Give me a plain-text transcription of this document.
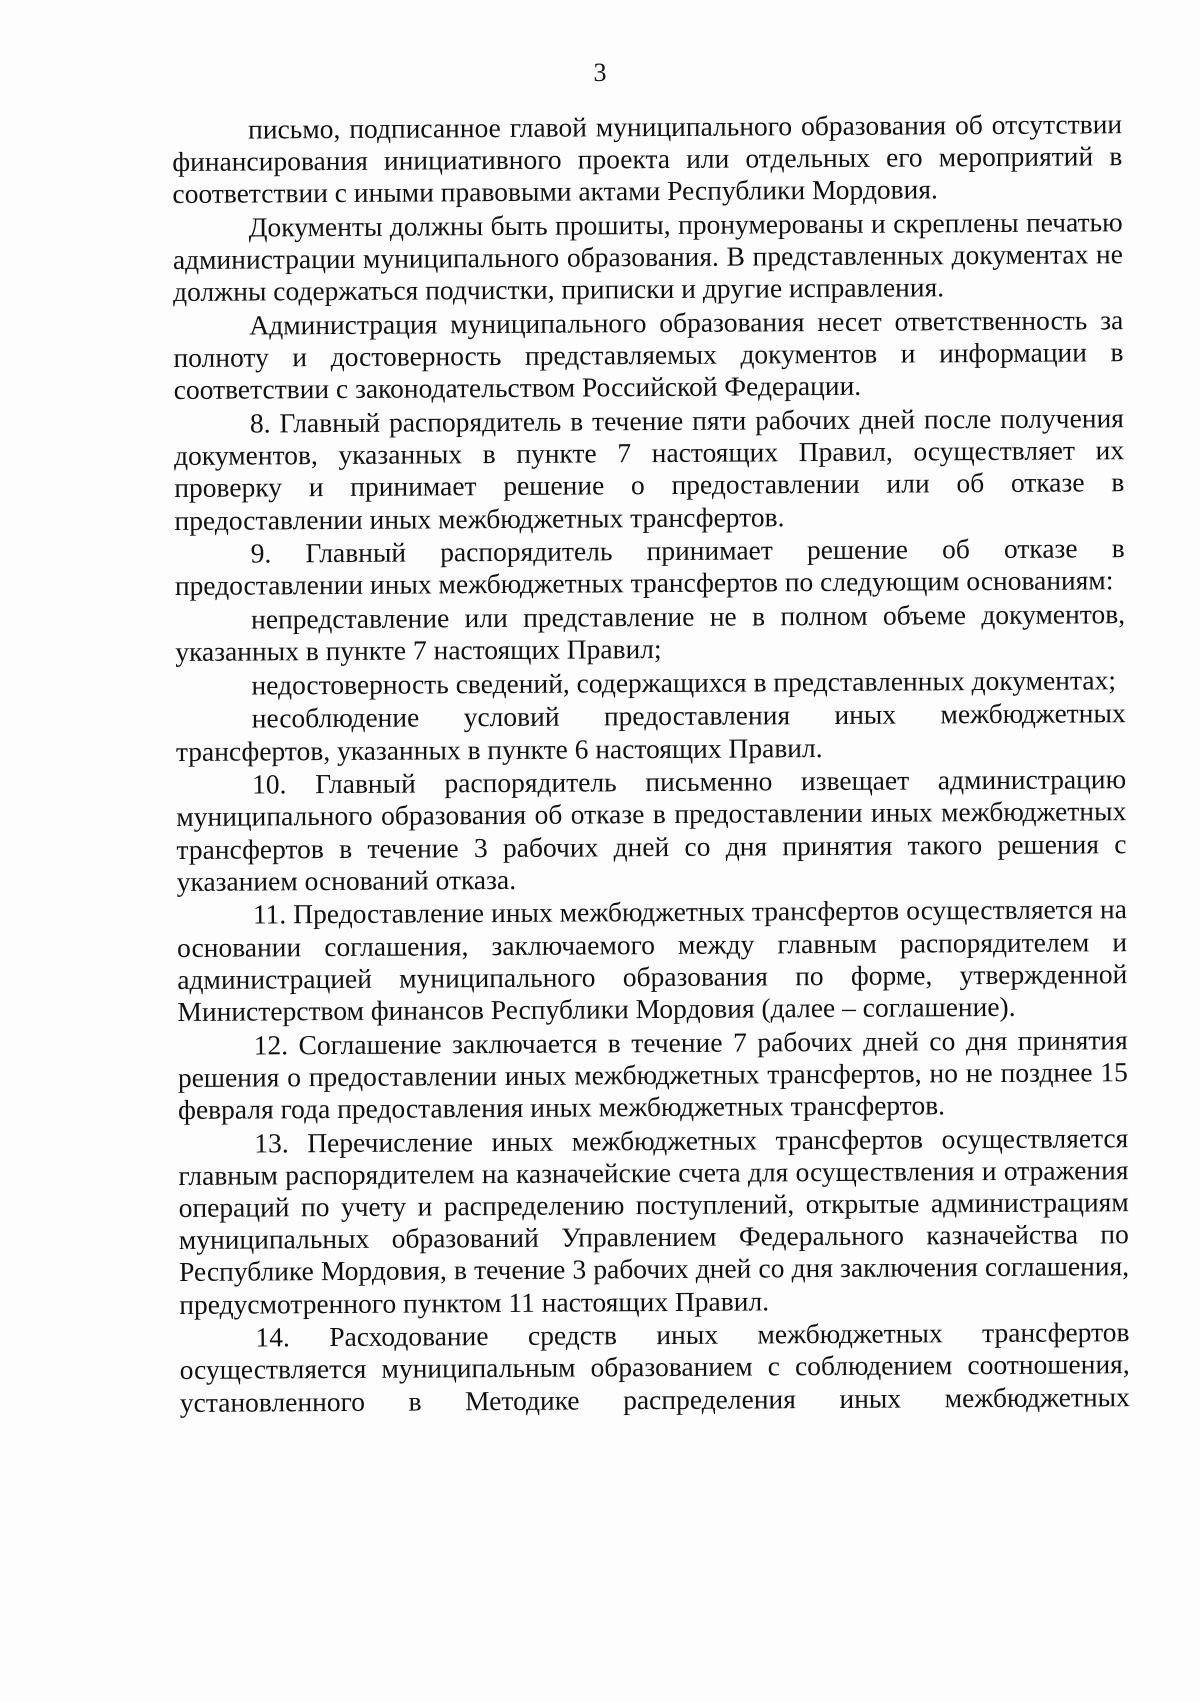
3

письмо, подписанное главой муниципального образования об отсутствии финансирования инициативного проекта или отдельных его мероприятий в соответствии с иными правовыми актами Республики Мордовия.

Документы должны быть прошиты, пронумерованы и скреплены печатью администрации муниципального образования. В представленных документах не должны содержаться подчистки, приписки и другие исправления.

Администрация муниципального образования несет ответственность за полноту и достоверность представляемых документов и информации в соответствии с законодательством Российской Федерации.

8. Главный распорядитель в течение пяти рабочих дней после получения документов, указанных в пункте 7 настоящих Правил, осуществляет их проверку и принимает решение о предоставлении или об отказе в предоставлении иных межбюджетных трансфертов.

9. Главный распорядитель принимает решение об отказе в предоставлении иных межбюджетных трансфертов по следующим основаниям:

непредставление или представление не в полном объеме документов, указанных в пункте 7 настоящих Правил;

недостоверность сведений, содержащихся в представленных документах;

несоблюдение условий предоставления иных межбюджетных трансфертов, указанных в пункте 6 настоящих Правил.

10. Главный распорядитель письменно извещает администрацию муниципального образования об отказе в предоставлении иных межбюджетных трансфертов в течение 3 рабочих дней со дня принятия такого решения с указанием оснований отказа.

11. Предоставление иных межбюджетных трансфертов осуществляется на основании соглашения, заключаемого между главным распорядителем и администрацией муниципального образования по форме, утвержденной Министерством финансов Республики Мордовия (далее – соглашение).

12. Соглашение заключается в течение 7 рабочих дней со дня принятия решения о предоставлении иных межбюджетных трансфертов, но не позднее 15 февраля года предоставления иных межбюджетных трансфертов.

13. Перечисление иных межбюджетных трансфертов осуществляется главным распорядителем на казначейские счета для осуществления и отражения операций по учету и распределению поступлений, открытые администрациям муниципальных образований Управлением Федерального казначейства по Республике Мордовия, в течение 3 рабочих дней со дня заключения соглашения, предусмотренного пунктом 11 настоящих Правил.

14. Расходование средств иных межбюджетных трансфертов осуществляется муниципальным образованием с соблюдением соотношения, установленного в Методике распределения иных межбюджетных
